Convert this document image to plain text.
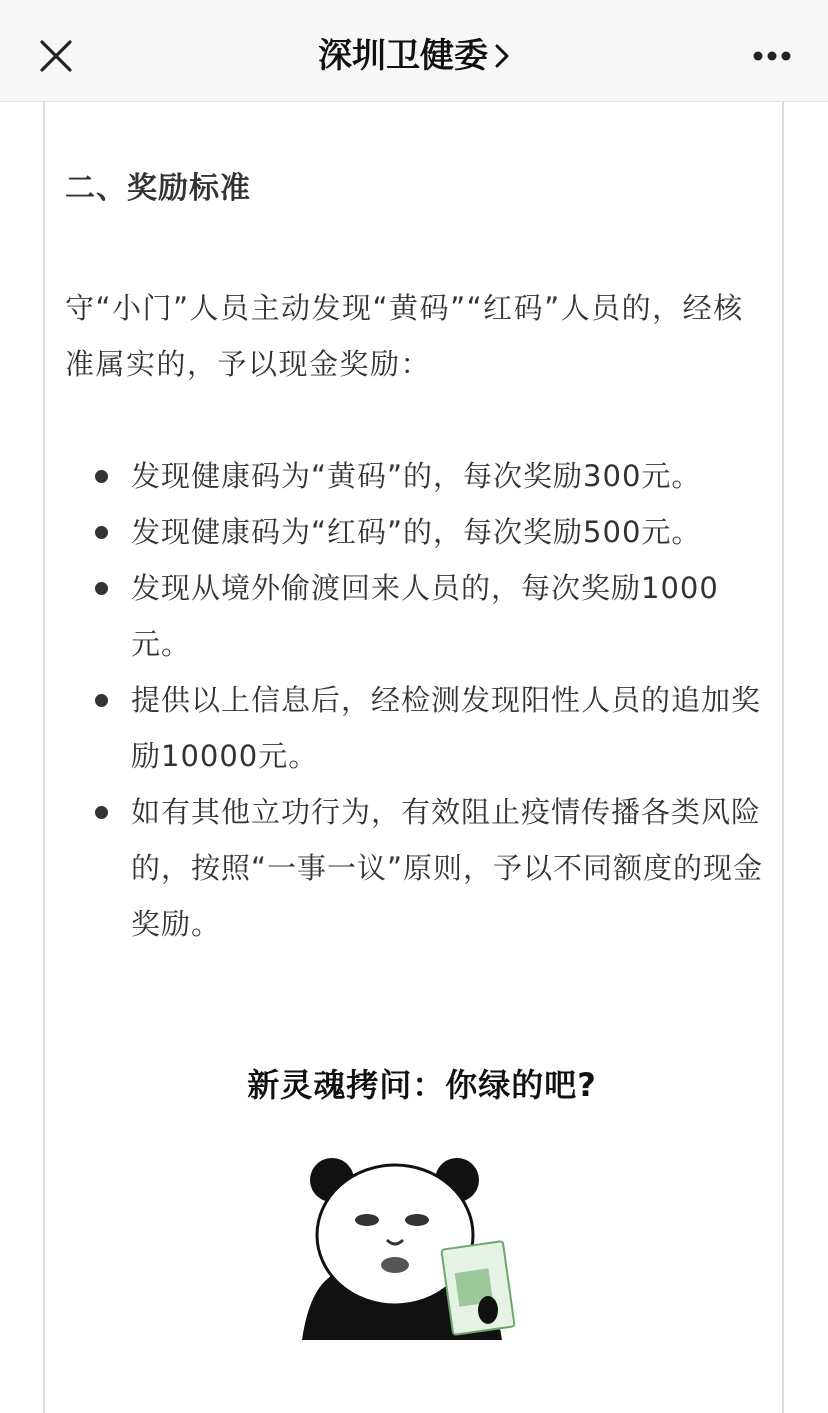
深圳卫健委
二、奖励标准
守“小门”人员主动发现“黄码”“红码”人员的，经核准属实的，予以现金奖励：
发现健康码为“黄码”的，每次奖励300元。
发现健康码为“红码”的，每次奖励500元。
发现从境外偷渡回来人员的，每次奖励1000元。
提供以上信息后，经检测发现阳性人员的追加奖励10000元。
如有其他立功行为，有效阻止疫情传播各类风险的，按照“一事一议”原则，予以不同额度的现金奖励。
新灵魂拷问：你绿的吧?
